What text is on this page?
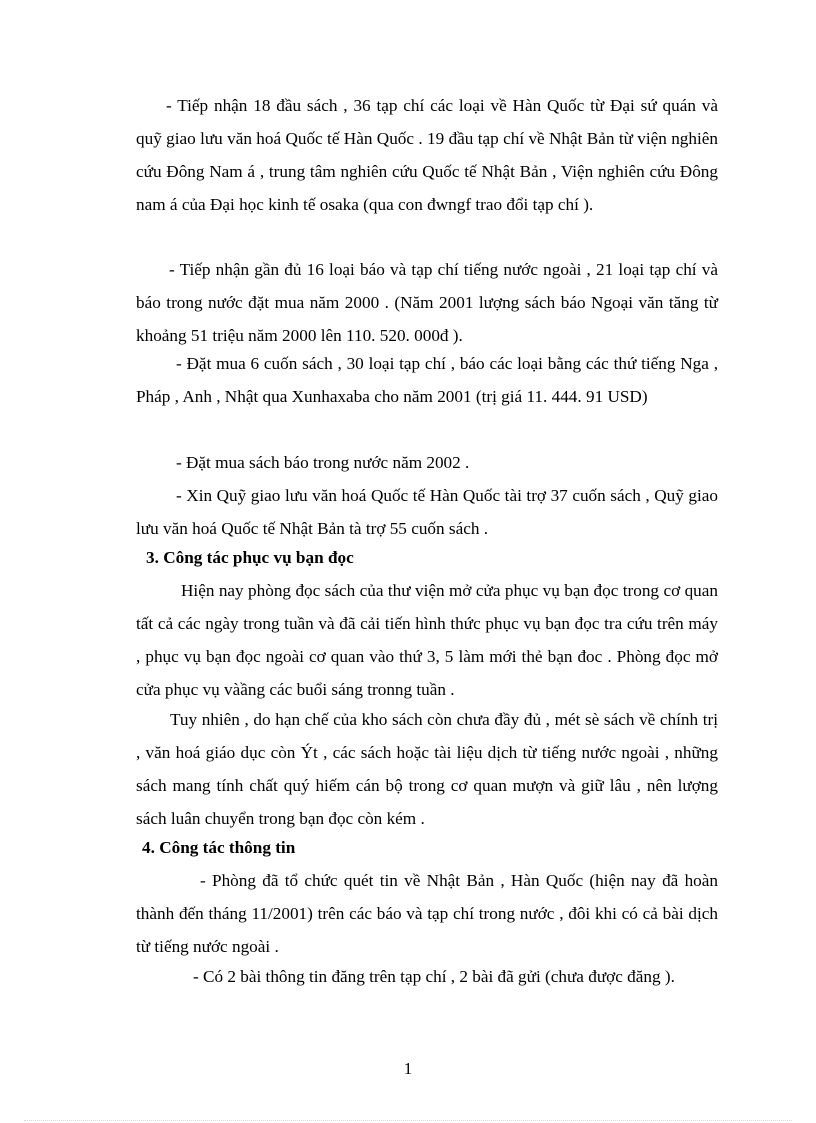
- Tiếp nhận 18 đầu sách , 36 tạp chí các loại về Hàn Quốc từ Đại sứ quán và quỹ giao lưu văn hoá Quốc tế Hàn Quốc . 19 đầu tạp chí về Nhật Bản từ viện nghiên cứu Đông Nam á , trung tâm nghiên cứu Quốc tế Nhật Bản , Viện nghiên cứu Đông nam á của Đại học kinh tế osaka (qua con đwngf trao đổi tạp chí ).

- Tiếp nhận gần đủ 16 loại báo và tạp chí tiếng nước ngoài , 21 loại tạp chí và báo trong nước đặt mua năm 2000 . (Năm 2001 lượng sách báo Ngoại văn tăng từ khoảng 51 triệu năm 2000 lên 110. 520. 000đ ).

- Đặt mua 6 cuốn sách , 30 loại tạp chí , báo các loại bằng các thứ tiếng Nga , Pháp , Anh , Nhật qua Xunhaxaba cho năm 2001 (trị giá 11. 444. 91 USD)

- Đặt mua sách báo trong nước năm 2002 .

- Xin Quỹ giao lưu văn hoá Quốc tế Hàn Quốc tài trợ 37 cuốn sách , Quỹ giao lưu văn hoá Quốc tế Nhật Bản tà trợ 55 cuốn sách .

3. Công tác phục vụ bạn đọc

Hiện nay phòng đọc sách của thư viện mở cửa phục vụ bạn đọc trong cơ quan tất cả các ngày trong tuần và đã cải tiến hình thức phục vụ bạn đọc tra cứu trên máy , phục vụ bạn đọc ngoài cơ quan vào thứ 3, 5 làm mới thẻ bạn đoc . Phòng đọc mở cửa phục vụ vàầng các buổi sáng tronng tuần .

Tuy nhiên , do hạn chế của kho sách còn chưa đầy đủ , mét sè sách về chính trị , văn hoá giáo dục còn Ýt , các sách hoặc tài liệu dịch từ tiếng nước ngoài , những sách mang tính chất quý hiếm cán bộ trong cơ quan mượn và giữ lâu , nên lượng sách luân chuyển trong bạn đọc còn kém .

4. Công tác thông tin

- Phòng đã tổ chức quét tin về Nhật Bản , Hàn Quốc (hiện nay đã hoàn thành đến tháng 11/2001) trên các báo và tạp chí trong nước , đôi khi có cả bài dịch từ tiếng nước ngoài .

- Có 2 bài thông tin đăng trên tạp chí , 2 bài đã gửi (chưa được đăng ).

1
